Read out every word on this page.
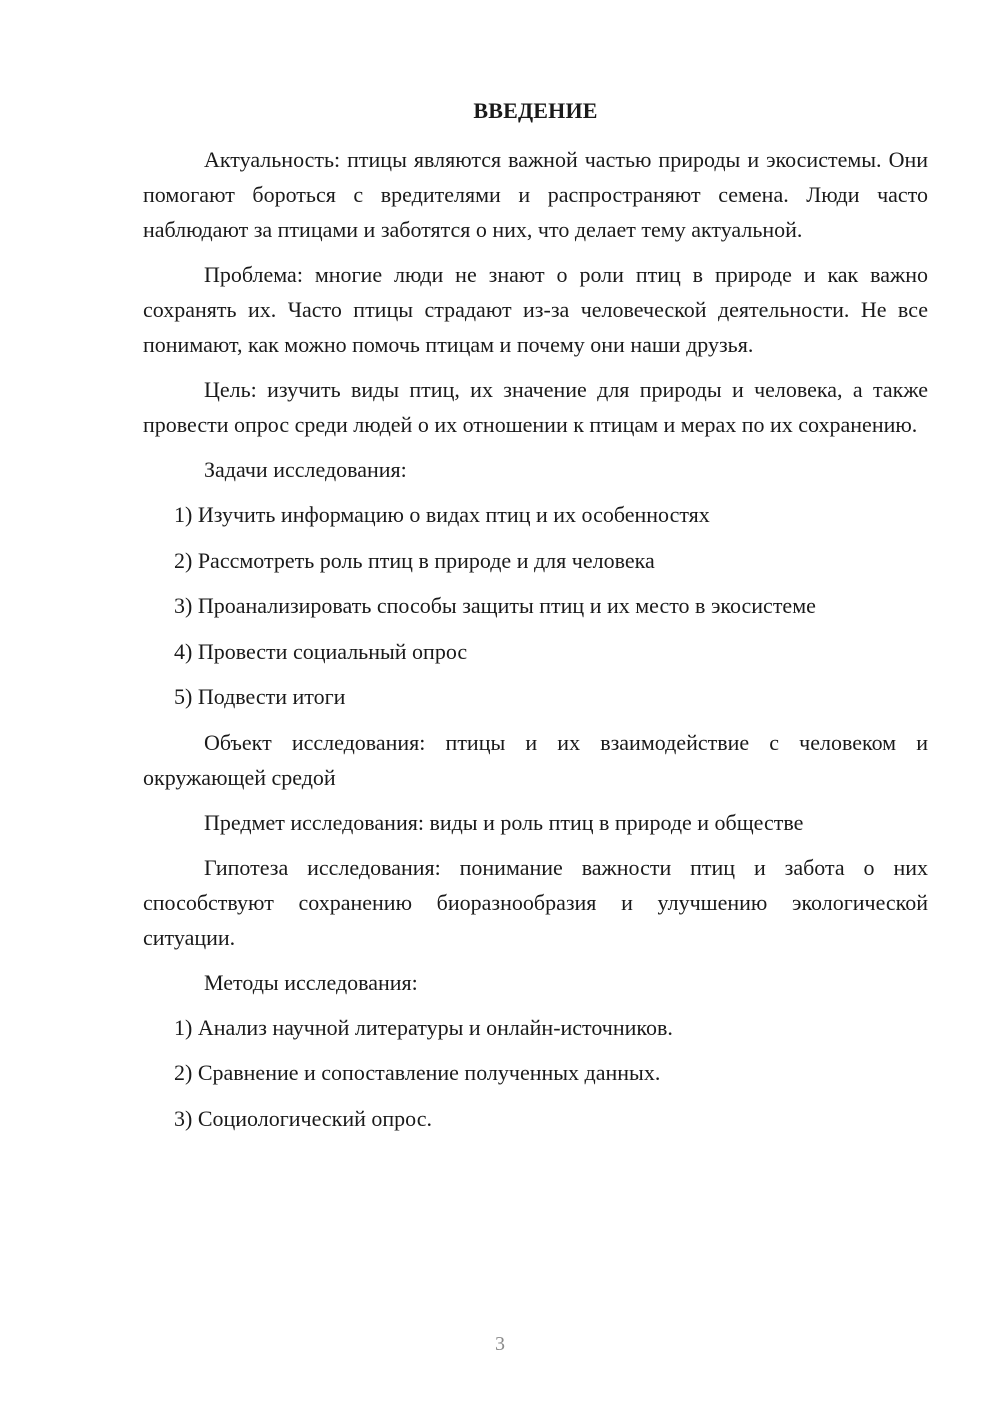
ВВЕДЕНИЕ

Актуальность: птицы являются важной частью природы и экосистемы. Они помогают бороться с вредителями и распространяют семена. Люди часто наблюдают за птицами и заботятся о них, что делает тему актуальной.

Проблема: многие люди не знают о роли птиц в природе и как важно сохранять их. Часто птицы страдают из-за человеческой деятельности. Не все понимают, как можно помочь птицам и почему они наши друзья.

Цель: изучить виды птиц, их значение для природы и человека, а также провести опрос среди людей о их отношении к птицам и мерах по их сохранению.

Задачи исследования:

1) Изучить информацию о видах птиц и их особенностях

2) Рассмотреть роль птиц в природе и для человека

3) Проанализировать способы защиты птиц и их место в экосистеме

4) Провести социальный опрос

5) Подвести итоги

Объект исследования: птицы и их взаимодействие с человеком и окружающей средой

Предмет исследования: виды и роль птиц в природе и обществе

Гипотеза исследования: понимание важности птиц и забота о них способствуют сохранению биоразнообразия и улучшению экологической ситуации.

Методы исследования:

1) Анализ научной литературы и онлайн-источников.

2) Сравнение и сопоставление полученных данных.

3) Социологический опрос.

3
